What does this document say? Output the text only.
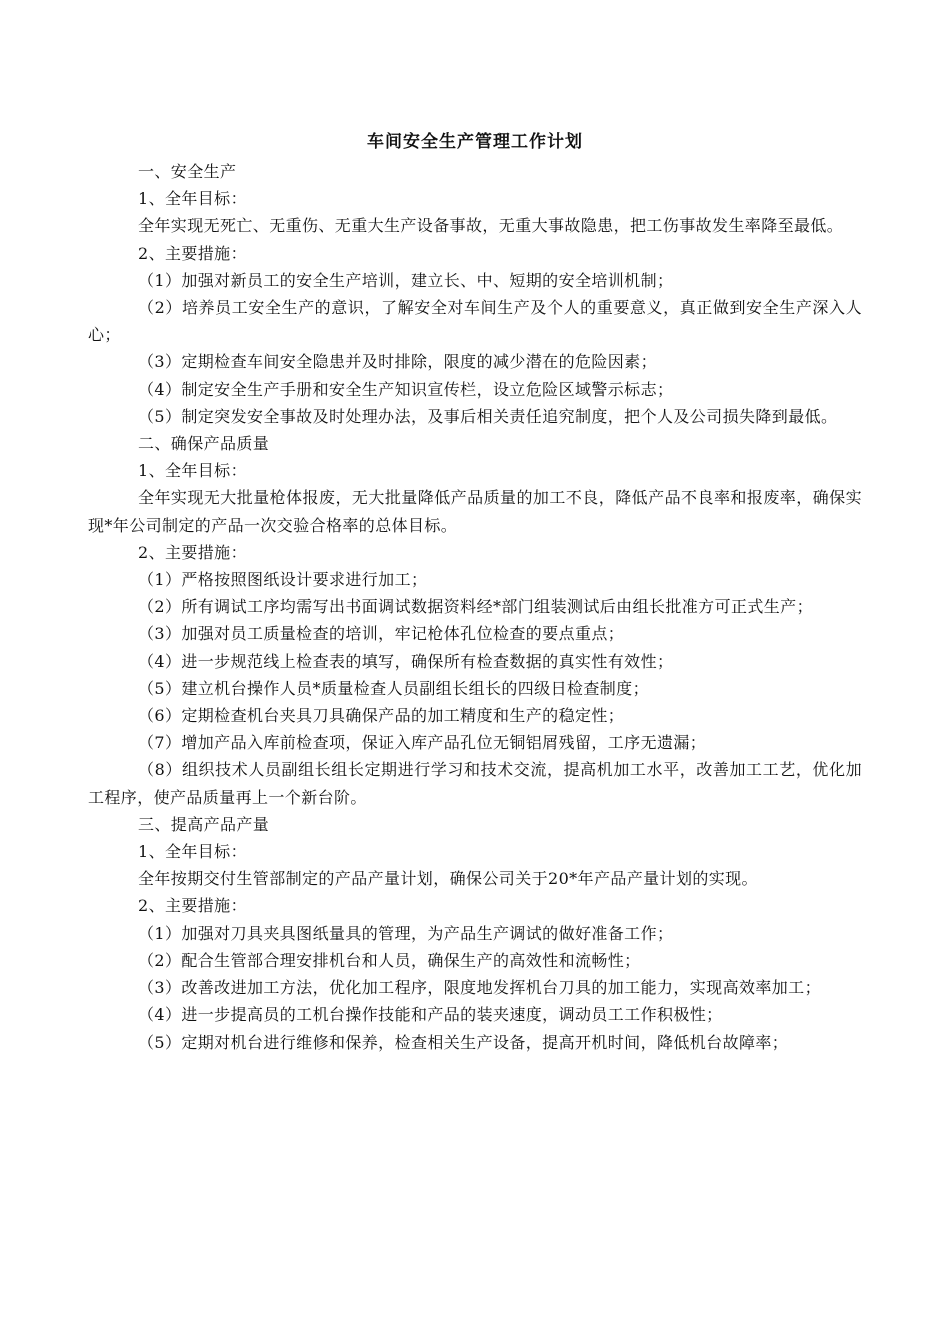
车间安全生产管理工作计划

一、安全生产

1、全年目标：

全年实现无死亡、无重伤、无重大生产设备事故，无重大事故隐患，把工伤事故发生率降至最低。

2、主要措施：

（1）加强对新员工的安全生产培训，建立长、中、短期的安全培训机制；

（2）培养员工安全生产的意识，了解安全对车间生产及个人的重要意义，真正做到安全生产深入人心；

（3）定期检查车间安全隐患并及时排除，限度的减少潜在的危险因素；

（4）制定安全生产手册和安全生产知识宣传栏，设立危险区域警示标志；

（5）制定突发安全事故及时处理办法，及事后相关责任追究制度，把个人及公司损失降到最低。

二、确保产品质量

1、全年目标：

全年实现无大批量枪体报废，无大批量降低产品质量的加工不良，降低产品不良率和报废率，确保实现*年公司制定的产品一次交验合格率的总体目标。

2、主要措施：

（1）严格按照图纸设计要求进行加工；

（2）所有调试工序均需写出书面调试数据资料经*部门组装测试后由组长批准方可正式生产；

（3）加强对员工质量检查的培训，牢记枪体孔位检查的要点重点；

（4）进一步规范线上检查表的填写，确保所有检查数据的真实性有效性；

（5）建立机台操作人员*质量检查人员副组长组长的四级日检查制度；

（6）定期检查机台夹具刀具确保产品的加工精度和生产的稳定性；

（7）增加产品入库前检查项，保证入库产品孔位无铜铝屑残留，工序无遗漏；

（8）组织技术人员副组长组长定期进行学习和技术交流，提高机加工水平，改善加工工艺，优化加工程序，使产品质量再上一个新台阶。

三、提高产品产量

1、全年目标：

全年按期交付生管部制定的产品产量计划，确保公司关于20*年产品产量计划的实现。

2、主要措施：

（1）加强对刀具夹具图纸量具的管理，为产品生产调试的做好准备工作；

（2）配合生管部合理安排机台和人员，确保生产的高效性和流畅性；

（3）改善改进加工方法，优化加工程序，限度地发挥机台刀具的加工能力，实现高效率加工；

（4）进一步提高员的工机台操作技能和产品的装夹速度，调动员工工作积极性；

（5）定期对机台进行维修和保养，检查相关生产设备，提高开机时间，降低机台故障率；
